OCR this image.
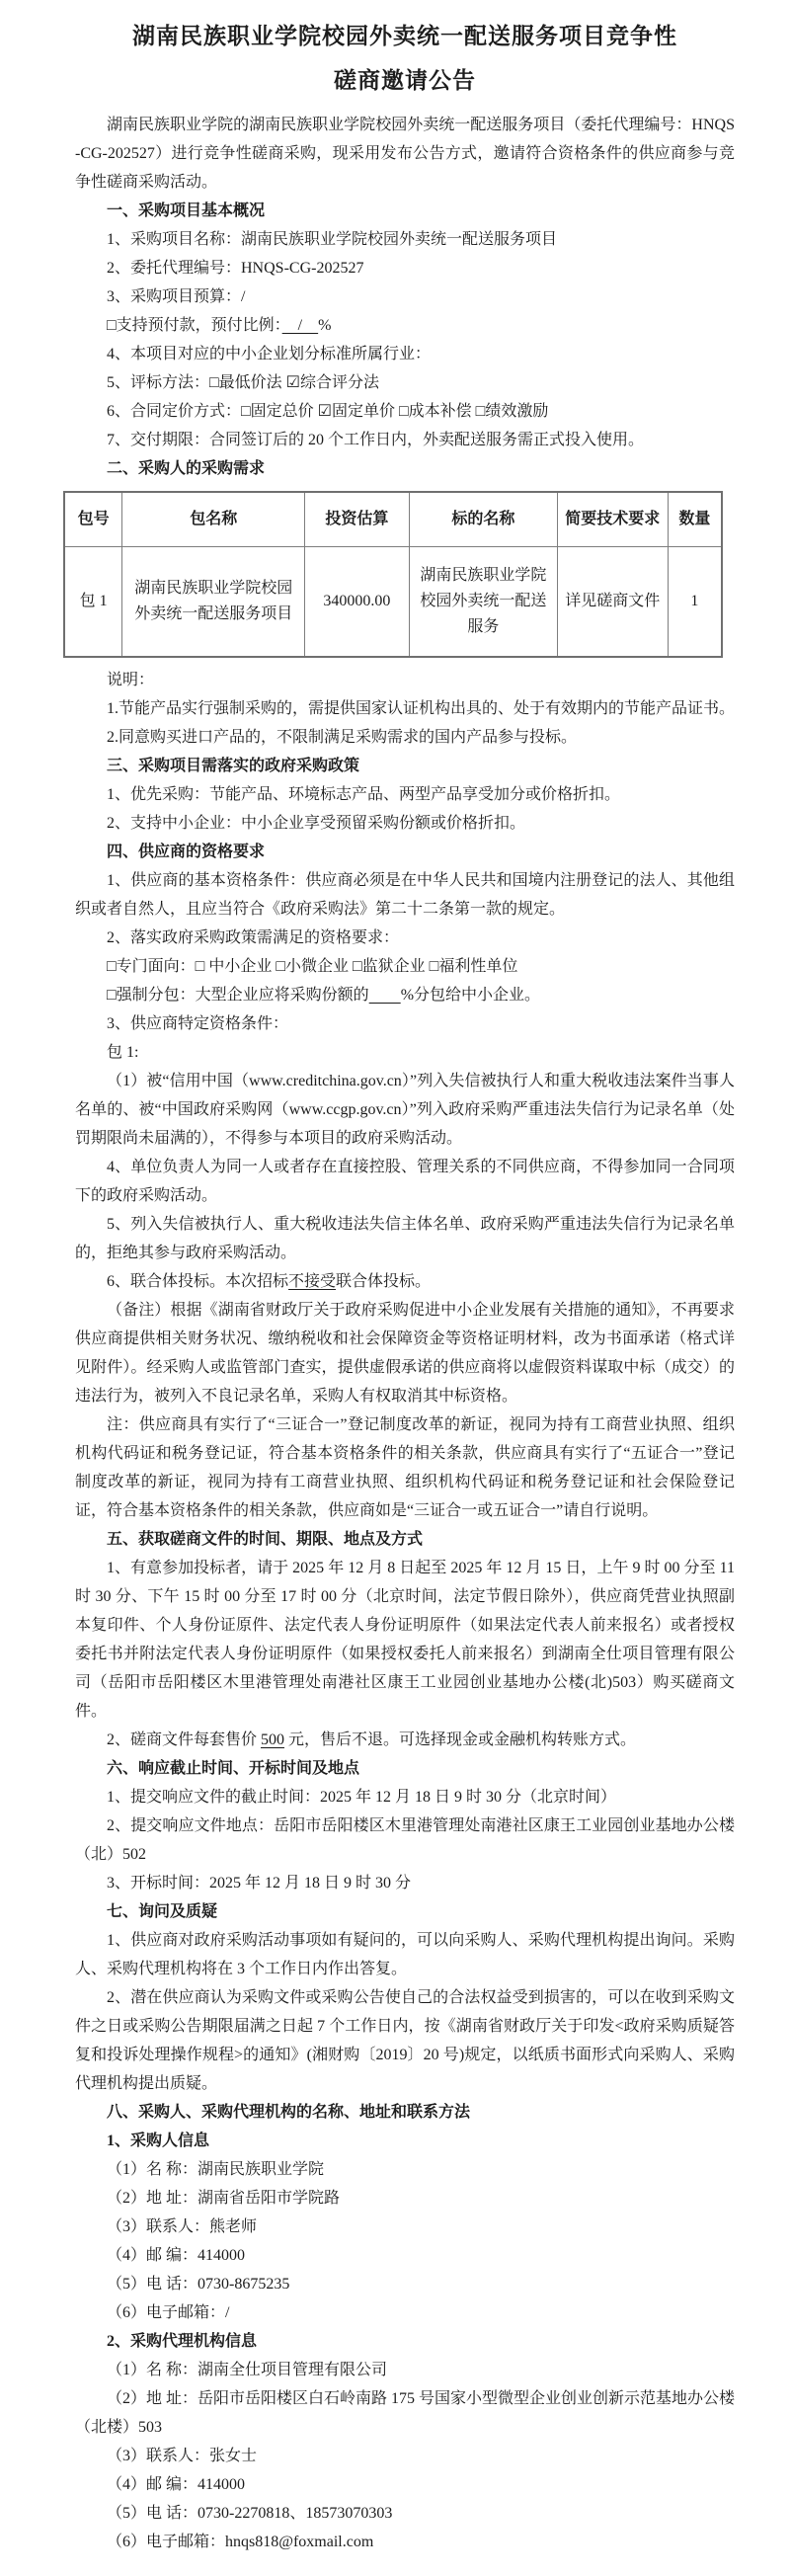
湖南民族职业学院校园外卖统一配送服务项目竞争性
磋商邀请公告

湖南民族职业学院的湖南民族职业学院校园外卖统一配送服务项目（委托代理编号：HNQS-CG-202527）进行竞争性磋商采购，现采用发布公告方式，邀请符合资格条件的供应商参与竞争性磋商采购活动。

一、采购项目基本概况

1、采购项目名称：湖南民族职业学院校园外卖统一配送服务项目

2、委托代理编号：HNQS-CG-202527

3、采购项目预算：/

□支持预付款，预付比例：　/　%

4、本项目对应的中小企业划分标准所属行业：

5、评标方法：□最低价法 ☑综合评分法

6、合同定价方式：□固定总价 ☑固定单价 □成本补偿 □绩效激励

7、交付期限：合同签订后的 20 个工作日内，外卖配送服务需正式投入使用。

二、采购人的采购需求

包号	包名称	投资估算	标的名称	简要技术要求	数量
包 1	湖南民族职业学院校园外卖统一配送服务项目	340000.00	湖南民族职业学院校园外卖统一配送服务	详见磋商文件	1

说明：

1.节能产品实行强制采购的，需提供国家认证机构出具的、处于有效期内的节能产品证书。

2.同意购买进口产品的，不限制满足采购需求的国内产品参与投标。

三、采购项目需落实的政府采购政策

1、优先采购：节能产品、环境标志产品、两型产品享受加分或价格折扣。

2、支持中小企业：中小企业享受预留采购份额或价格折扣。

四、供应商的资格要求

1、供应商的基本资格条件：供应商必须是在中华人民共和国境内注册登记的法人、其他组织或者自然人，且应当符合《政府采购法》第二十二条第一款的规定。

2、落实政府采购政策需满足的资格要求：

□专门面向：□ 中小企业 □小微企业 □监狱企业 □福利性单位

□强制分包：大型企业应将采购份额的　　 %分包给中小企业。

3、供应商特定资格条件：

包 1:

（1）被“信用中国（www.creditchina.gov.cn）”列入失信被执行人和重大税收违法案件当事人名单的、被“中国政府采购网（www.ccgp.gov.cn）”列入政府采购严重违法失信行为记录名单（处罚期限尚未届满的），不得参与本项目的政府采购活动。

4、单位负责人为同一人或者存在直接控股、管理关系的不同供应商，不得参加同一合同项下的政府采购活动。

5、列入失信被执行人、重大税收违法失信主体名单、政府采购严重违法失信行为记录名单的，拒绝其参与政府采购活动。

6、联合体投标。本次招标不接受联合体投标。

（备注）根据《湖南省财政厅关于政府采购促进中小企业发展有关措施的通知》，不再要求供应商提供相关财务状况、缴纳税收和社会保障资金等资格证明材料，改为书面承诺（格式详见附件）。经采购人或监管部门查实，提供虚假承诺的供应商将以虚假资料谋取中标（成交）的违法行为，被列入不良记录名单，采购人有权取消其中标资格。

注：供应商具有实行了“三证合一”登记制度改革的新证，视同为持有工商营业执照、组织机构代码证和税务登记证，符合基本资格条件的相关条款，供应商具有实行了“五证合一”登记制度改革的新证，视同为持有工商营业执照、组织机构代码证和税务登记证和社会保险登记证，符合基本资格条件的相关条款，供应商如是“三证合一或五证合一”请自行说明。

五、获取磋商文件的时间、期限、地点及方式

1、有意参加投标者，请于 2025 年 12 月 8 日起至 2025 年 12 月 15 日，上午 9 时 00 分至 11 时 30 分、下午 15 时 00 分至 17 时 00 分（北京时间，法定节假日除外），供应商凭营业执照副本复印件、个人身份证原件、法定代表人身份证明原件（如果法定代表人前来报名）或者授权委托书并附法定代表人身份证明原件（如果授权委托人前来报名）到湖南全仕项目管理有限公司（岳阳市岳阳楼区木里港管理处南港社区康王工业园创业基地办公楼(北)503）购买磋商文件。

2、磋商文件每套售价 500 元，售后不退。可选择现金或金融机构转账方式。

六、响应截止时间、开标时间及地点

1、提交响应文件的截止时间：2025 年 12 月 18 日 9 时 30 分（北京时间）

2、提交响应文件地点：岳阳市岳阳楼区木里港管理处南港社区康王工业园创业基地办公楼（北）502

3、开标时间：2025 年 12 月 18 日 9 时 30 分

七、询问及质疑

1、供应商对政府采购活动事项如有疑问的，可以向采购人、采购代理机构提出询问。采购人、采购代理机构将在 3 个工作日内作出答复。

2、潜在供应商认为采购文件或采购公告使自己的合法权益受到损害的，可以在收到采购文件之日或采购公告期限届满之日起 7 个工作日内，按《湖南省财政厅关于印发<政府采购质疑答复和投诉处理操作规程>的通知》(湘财购〔2019〕20 号)规定，以纸质书面形式向采购人、采购代理机构提出质疑。

八、采购人、采购代理机构的名称、地址和联系方法

1、采购人信息

（1）名 称：湖南民族职业学院

（2）地 址：湖南省岳阳市学院路

（3）联系人：熊老师

（4）邮 编：414000

（5）电 话：0730-8675235

（6）电子邮箱：/

2、采购代理机构信息

（1）名 称：湖南全仕项目管理有限公司

（2）地 址：岳阳市岳阳楼区白石岭南路 175 号国家小型微型企业创业创新示范基地办公楼（北楼）503

（3）联系人：张女士

（4）邮 编：414000

（5）电 话：0730-2270818、18573070303

（6）电子邮箱：hnqs818@foxmail.com
